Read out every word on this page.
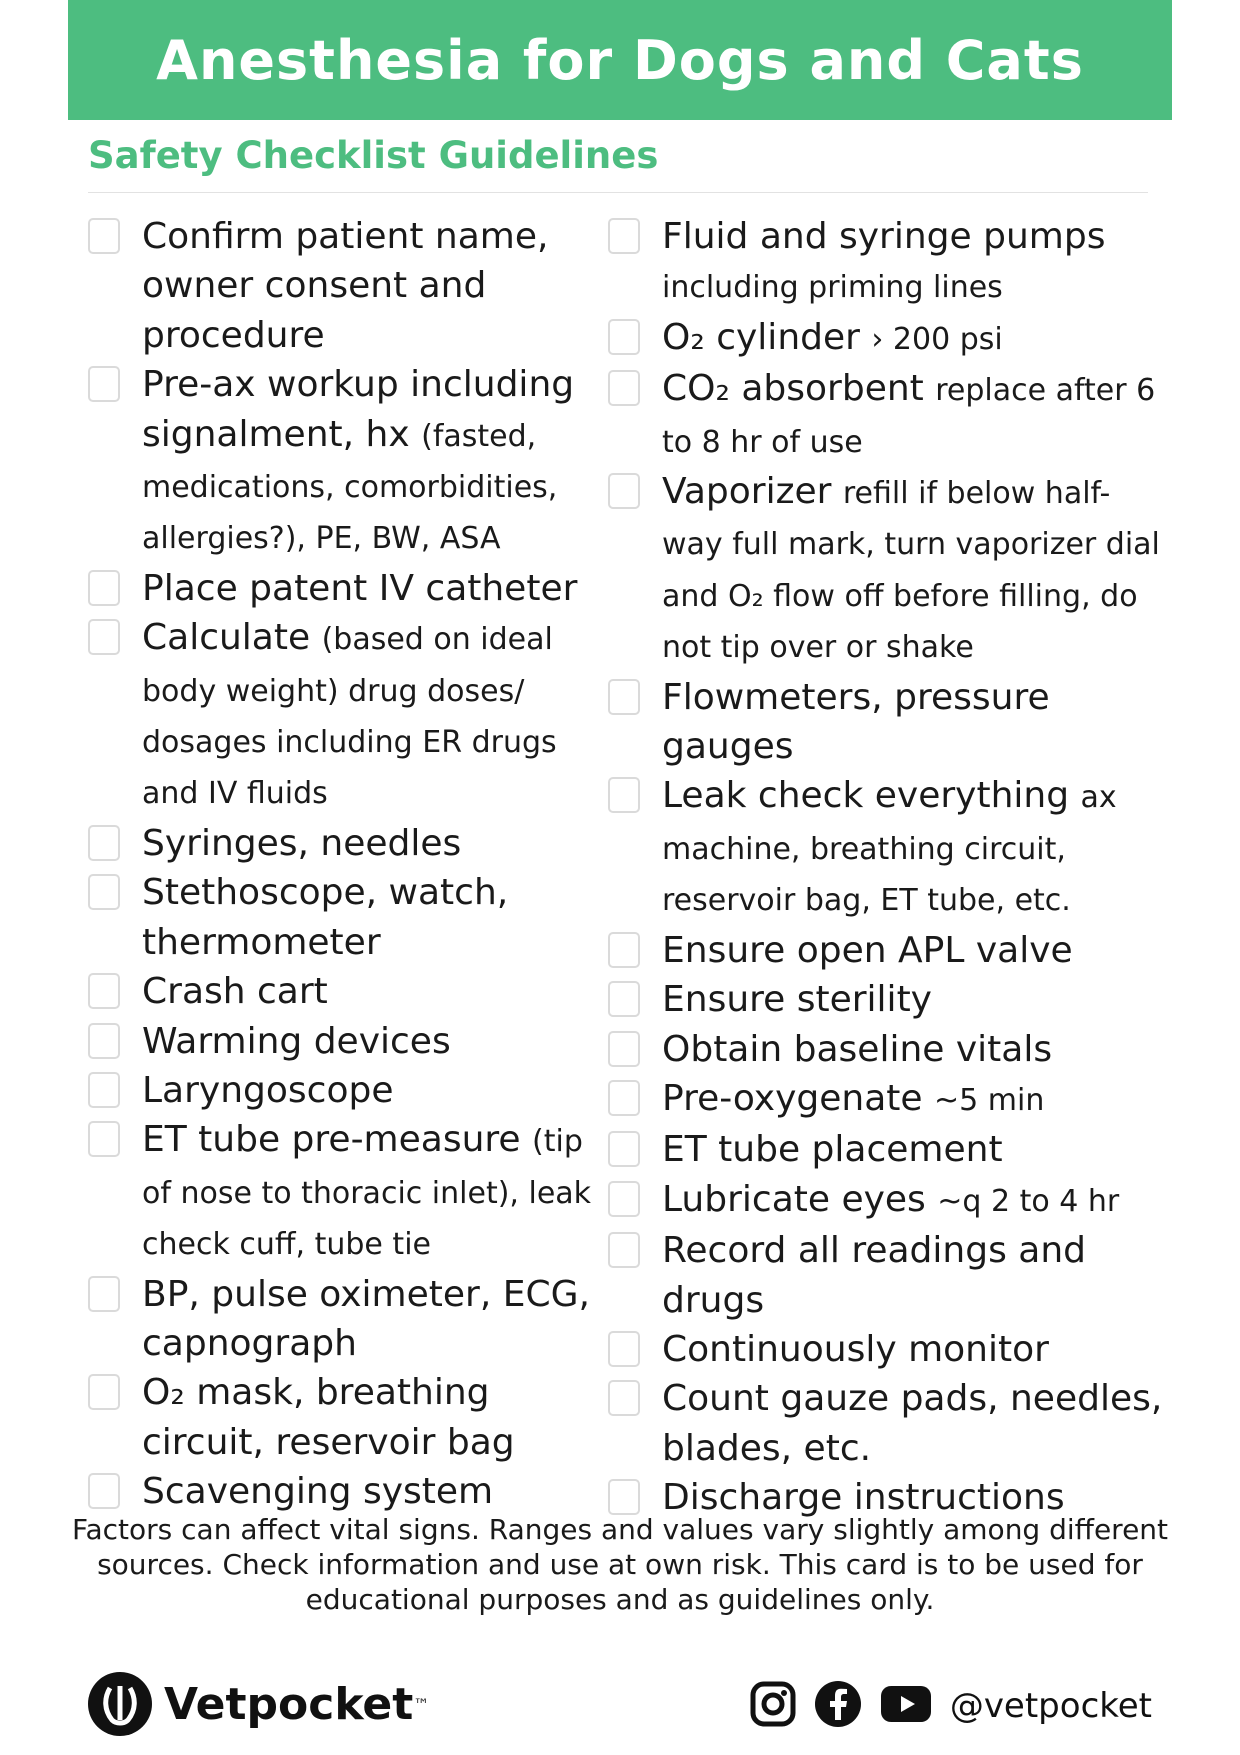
Anesthesia for Dogs and Cats
Safety Checklist Guidelines
Confirm patient name, owner consent and procedure
Pre-ax workup including signalment, hx (fasted, medications, comorbidities, allergies?), PE, BW, ASA
Place patent IV catheter
Calculate (based on ideal body weight) drug doses/ dosages including ER drugs and IV fluids
Syringes, needles
Stethoscope, watch, thermometer
Crash cart
Warming devices
Laryngoscope
ET tube pre-measure (tip of nose to thoracic inlet), leak check cuff, tube tie
BP, pulse oximeter, ECG, capnograph
O₂ mask, breathing circuit, reservoir bag
Scavenging system
Fluid and syringe pumps including priming lines
O₂ cylinder › 200 psi
CO₂ absorbent replace after 6 to 8 hr of use
Vaporizer refill if below half-way full mark, turn vaporizer dial and O₂ flow off before filling, do not tip over or shake
Flowmeters, pressure gauges
Leak check everything ax machine, breathing circuit, reservoir bag, ET tube, etc.
Ensure open APL valve
Ensure sterility
Obtain baseline vitals
Pre-oxygenate ~5 min
ET tube placement
Lubricate eyes ~q 2 to 4 hr
Record all readings and drugs
Continuously monitor
Count gauze pads, needles, blades, etc.
Discharge instructions
Factors can affect vital signs. Ranges and values vary slightly among different sources. Check information and use at own risk. This card is to be used for educational purposes and as guidelines only.
Vetpocket ™	@vetpocket
